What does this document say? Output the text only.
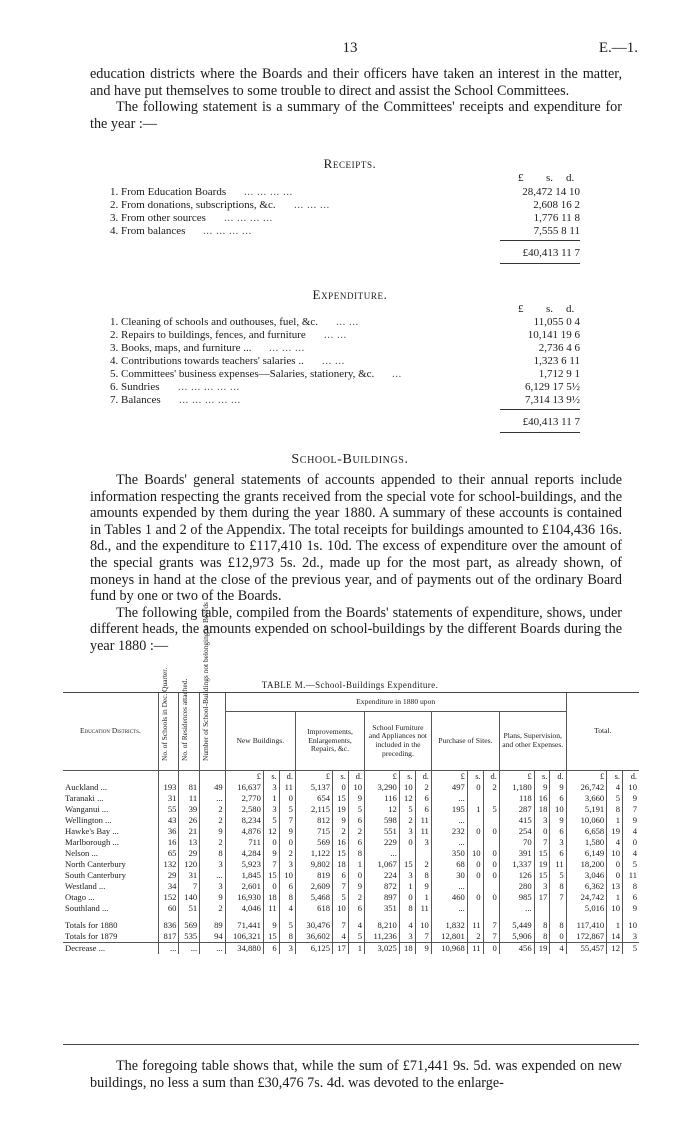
13	E.—1.

education districts where the Boards and their officers have taken an interest in the matter, and have put themselves to some trouble to direct and assist the School Committees.

The following statement is a summary of the Committees' receipts and expenditure for the year :—

Receipts.
£ s. d.
1. From Education Boards ... ... ... ...	28,472 14 10
2. From donations, subscriptions, &c. ... ... ...	2,608 16 2
3. From other sources ... ... ... ...	1,776 11 8
4. From balances ... ... ... ...	7,555 8 11
£40,413 11 7
Expenditure.
£ s. d.
1. Cleaning of schools and outhouses, fuel, &c. ... ...	11,055 0 4
2. Repairs to buildings, fences, and furniture ... ...	10,141 19 6
3. Books, maps, and furniture ... ... ... ...	2,736 4 6
4. Contributions towards teachers' salaries .. ... ...	1,323 6 11
5. Committees' business expenses—Salaries, stationery, &c. ...	1,712 9 1
6. Sundries ... ... ... ... ...	6,129 17 5½
7. Balances ... ... ... ... ...	7,314 13 9½
£40,413 11 7
School-Buildings.

The Boards' general statements of accounts appended to their annual reports include information respecting the grants received from the special vote for school-buildings, and the amounts expended by them during the year 1880. A summary of these accounts is contained in Tables 1 and 2 of the Appendix. The total receipts for buildings amounted to £104,436 16s. 8d., and the expenditure to £117,410 1s. 10d. The excess of expenditure over the amount of the special grants was £12,973 5s. 2d., made up for the most part, as already shown, of moneys in hand at the close of the previous year, and of payments out of the ordinary Board fund by one or two of the Boards.

The following table, compiled from the Boards' statements of expenditure, shows, under different heads, the amounts expended on school-buildings by the different Boards during the year 1880 :—

TABLE M.—School-Buildings Expenditure.
Education Districts.	No. of Schools in Dec. Quarter.	No. of Residences attached.	Number of School-Buildings not belonging to Boards	Expenditure in 1880 upon															Total.		
				New Buildings.			Improvements, Enlargements, Repairs, &c.			School Furniture and Appliances not included in the preceding.			Purchase of Sites.			Plans, Supervision, and other Expenses.					
				£	s.	d.	£	s.	d.	£	s.	d.	£	s.	d.	£	s.	d.	£	s.	d.
Auckland ...	193	81	49	16,637	3	11	5,137	0	10	3,290	10	2	497	0	2	1,180	9	9	26,742	4	10
Taranaki ...	31	11	...	2,770	1	0	654	15	9	116	12	6	...			118	16	6	3,660	5	9
Wanganui ...	55	39	2	2,580	3	5	2,115	19	5	12	5	6	195	1	5	287	18	10	5,191	8	7
Wellington ...	43	26	2	8,234	5	7	812	9	6	598	2	11	...			415	3	9	10,060	1	9
Hawke's Bay ...	36	21	9	4,876	12	9	715	2	2	551	3	11	232	0	0	254	0	6	6,658	19	4
Marlborough ...	16	13	2	711	0	0	569	16	6	229	0	3	...			70	7	3	1,580	4	0
Nelson ...	65	29	8	4,284	9	2	1,122	15	8	...			350	10	0	391	15	6	6,149	10	4
North Canterbury	132	120	3	5,923	7	3	9,802	18	1	1,067	15	2	68	0	0	1,337	19	11	18,200	0	5
South Canterbury	29	31	...	1,845	15	10	819	6	0	224	3	8	30	0	0	126	15	5	3,046	0	11
Westland ...	34	7	3	2,601	0	6	2,609	7	9	872	1	9	...			280	3	8	6,362	13	8
Otago ...	152	140	9	16,930	18	8	5,468	5	2	897	0	1	460	0	0	985	17	7	24,742	1	6
Southland ...	60	51	2	4,046	11	4	618	10	6	351	8	11	...			...			5,016	10	9

Totals for 1880	836	569	89	71,441	9	5	30,476	7	4	8,210	4	10	1,832	11	7	5,449	8	8	117,410	1	10
Totals for 1879	817	535	94	106,321	15	8	36,602	4	5	11,236	3	7	12,801	2	7	5,906	8	0	172,867	14	3
Decrease ...	...	...	...	34,880	6	3	6,125	17	1	3,025	18	9	10,968	11	0	456	19	4	55,457	12	5

The foregoing table shows that, while the sum of £71,441 9s. 5d. was expended on new buildings, no less a sum than £30,476 7s. 4d. was devoted to the enlarge-
